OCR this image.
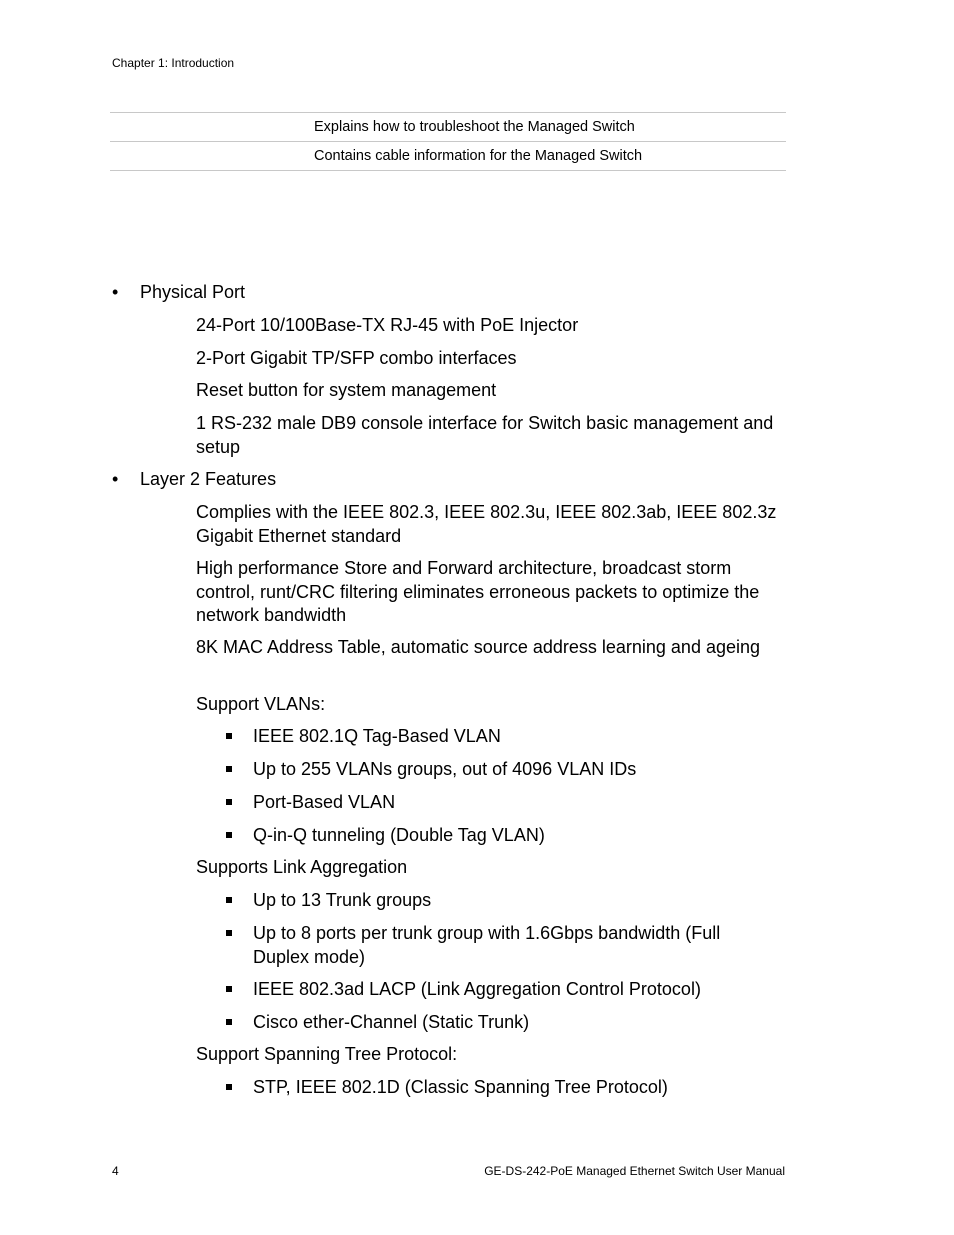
Chapter 1: Introduction
Explains how to troubleshoot the Managed Switch
Contains cable information for the Managed Switch
• Physical Port
24-Port 10/100Base-TX RJ-45 with PoE Injector
2-Port Gigabit TP/SFP combo interfaces
Reset button for system management
1 RS-232 male DB9 console interface for Switch basic management and setup
• Layer 2 Features
Complies with the IEEE 802.3, IEEE 802.3u, IEEE 802.3ab, IEEE 802.3z Gigabit Ethernet standard
High performance Store and Forward architecture, broadcast storm control, runt/CRC filtering eliminates erroneous packets to optimize the network bandwidth
8K MAC Address Table, automatic source address learning and ageing
Support VLANs:
IEEE 802.1Q Tag-Based VLAN
Up to 255 VLANs groups, out of 4096 VLAN IDs
Port-Based VLAN
Q-in-Q tunneling (Double Tag VLAN)
Supports Link Aggregation
Up to 13 Trunk groups
Up to 8 ports per trunk group with 1.6Gbps bandwidth (Full Duplex mode)
IEEE 802.3ad LACP (Link Aggregation Control Protocol)
Cisco ether-Channel (Static Trunk)
Support Spanning Tree Protocol:
STP, IEEE 802.1D (Classic Spanning Tree Protocol)
4	GE-DS-242-PoE Managed Ethernet Switch User Manual
